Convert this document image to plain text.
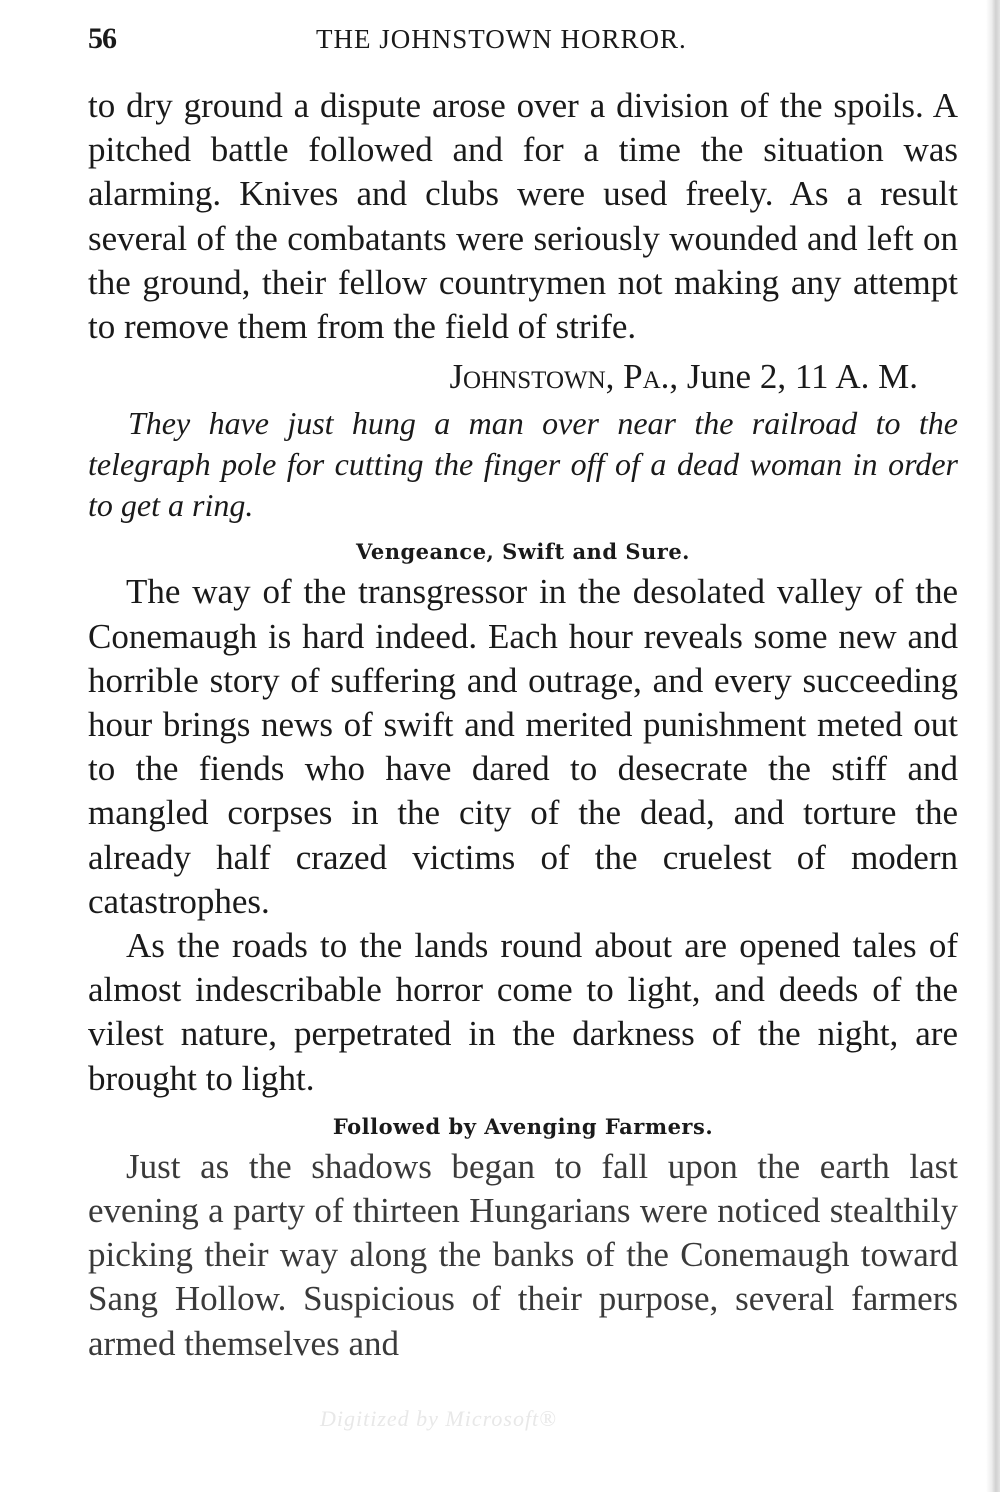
56	THE JOHNSTOWN HORROR.

to dry ground a dispute arose over a division of the spoils. A pitched battle followed and for a time the situation was alarming. Knives and clubs were used freely. As a result several of the combatants were seriously wounded and left on the ground, their fellow countrymen not making any attempt to remove them from the field of strife.

Johnstown, Pa., June 2, 11 A. M.

They have just hung a man over near the railroad to the telegraph pole for cutting the finger off of a dead woman in order to get a ring.

Vengeance, Swift and Sure.

The way of the transgressor in the desolated valley of the Conemaugh is hard indeed. Each hour reveals some new and horrible story of suffering and outrage, and every succeeding hour brings news of swift and merited punishment meted out to the fiends who have dared to desecrate the stiff and mangled corpses in the city of the dead, and torture the already half crazed victims of the cruelest of modern catastrophes.

As the roads to the lands round about are opened tales of almost indescribable horror come to light, and deeds of the vilest nature, perpetrated in the darkness of the night, are brought to light.

Followed by Avenging Farmers.

Just as the shadows began to fall upon the earth last evening a party of thirteen Hungarians were noticed stealthily picking their way along the banks of the Conemaugh toward Sang Hollow. Suspicious of their purpose, several farmers armed themselves and

Digitized by Microsoft®
